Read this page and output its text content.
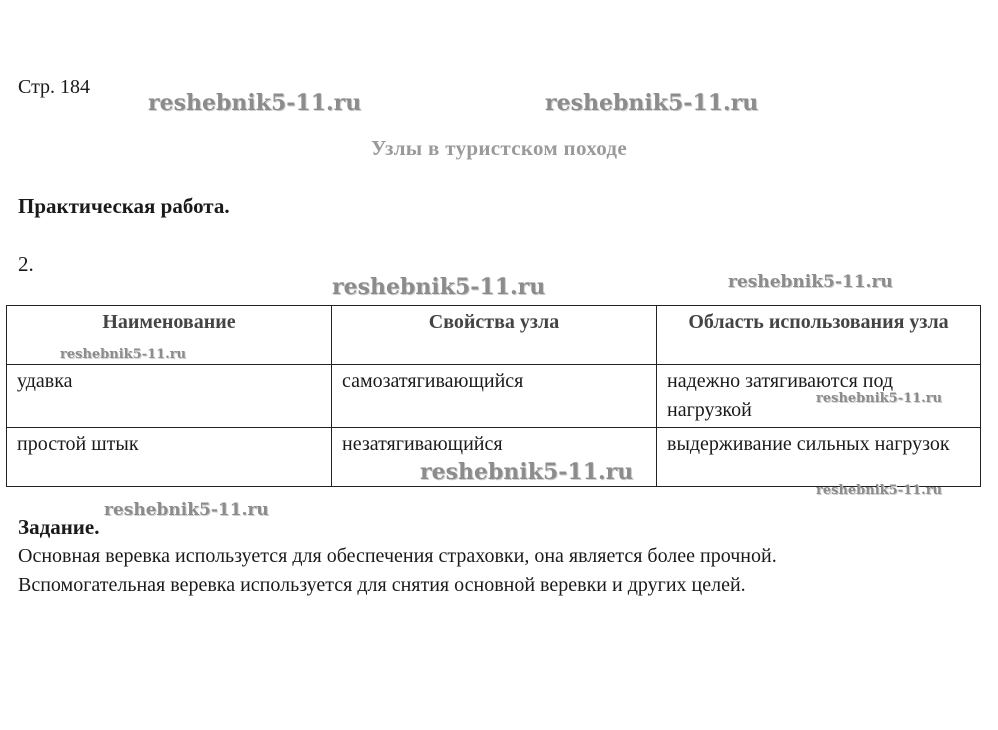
Стр. 184
Узлы в туристском походе
Практическая работа.
2.
Наименование	Свойства узла	Область использования узла
удавка	самозатягивающийся	надежно затягиваются под нагрузкой
простой штык	незатягивающийся	выдерживание сильных нагрузок
Задание.
Основная веревка используется для обеспечения страховки, она является более прочной.
Вспомогательная веревка используется для снятия основной веревки и других целей.
reshebnik5-11.ru	reshebnik5-11.ru
reshebnik5-11.ru	reshebnik5-11.ru
reshebnik5-11.ru
reshebnik5-11.ru
reshebnik5-11.ru
reshebnik5-11.ru
reshebnik5-11.ru
